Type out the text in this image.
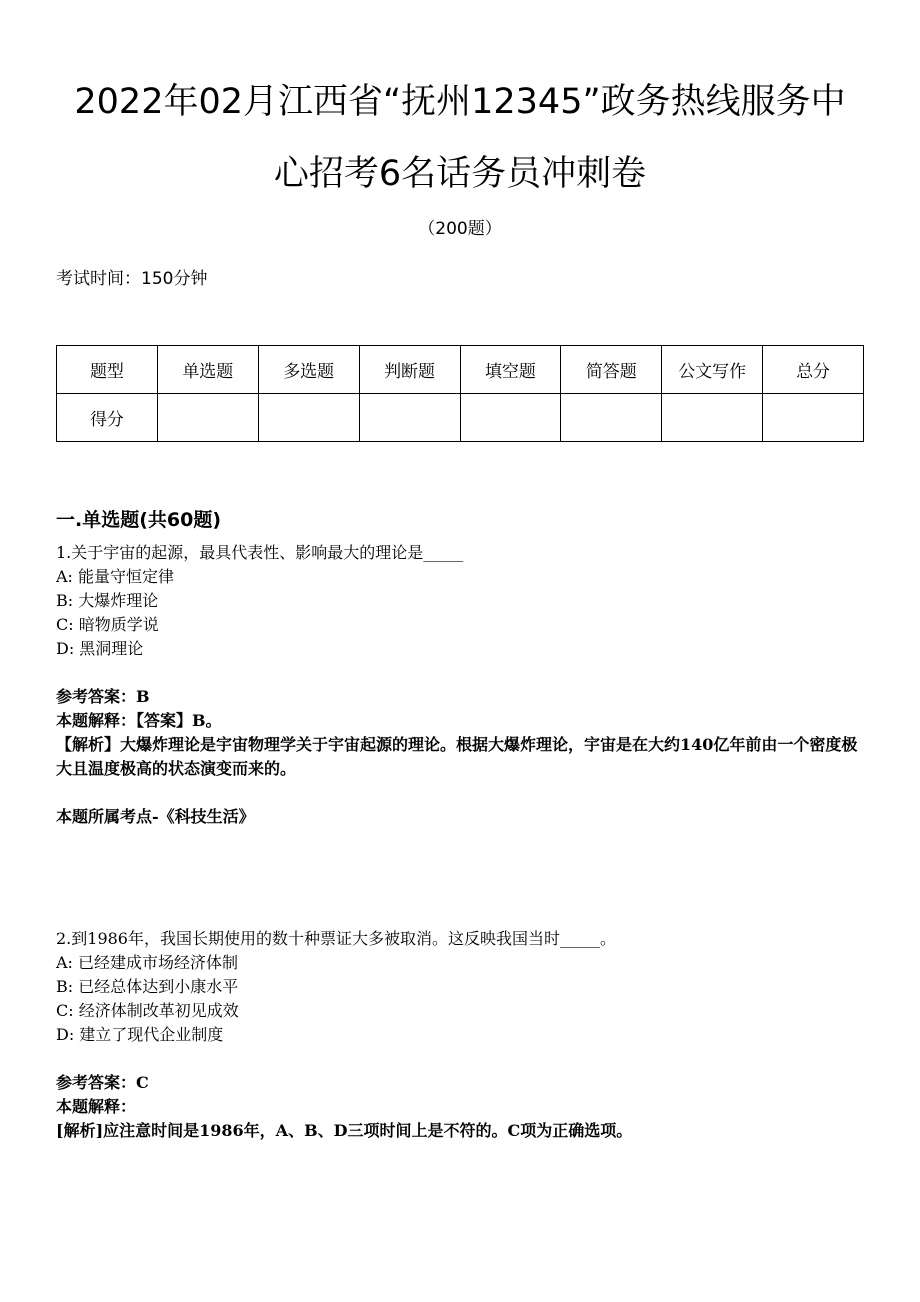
2022年02月江西省“抚州12345”政务热线服务中
心招考6名话务员冲刺卷
（200题）
考试时间：150分钟
题型	单选题	多选题	判断题	填空题	简答题	公文写作	总分
得分							
一.单选题(共60题)
1.关于宇宙的起源，最具代表性、影响最大的理论是_____
A: 能量守恒定律
B: 大爆炸理论
C: 暗物质学说
D: 黑洞理论
参考答案：B
本题解释：【答案】B。
【解析】大爆炸理论是宇宙物理学关于宇宙起源的理论。根据大爆炸理论，宇宙是在大约140亿年前由一个密度极大且温度极高的状态演变而来的。
本题所属考点-《科技生活》
2.到1986年，我国长期使用的数十种票证大多被取消。这反映我国当时_____。
A: 已经建成市场经济体制
B: 已经总体达到小康水平
C: 经济体制改革初见成效
D: 建立了现代企业制度
参考答案：C
本题解释：
[解析]应注意时间是1986年，A、B、D三项时间上是不符的。C项为正确选项。
